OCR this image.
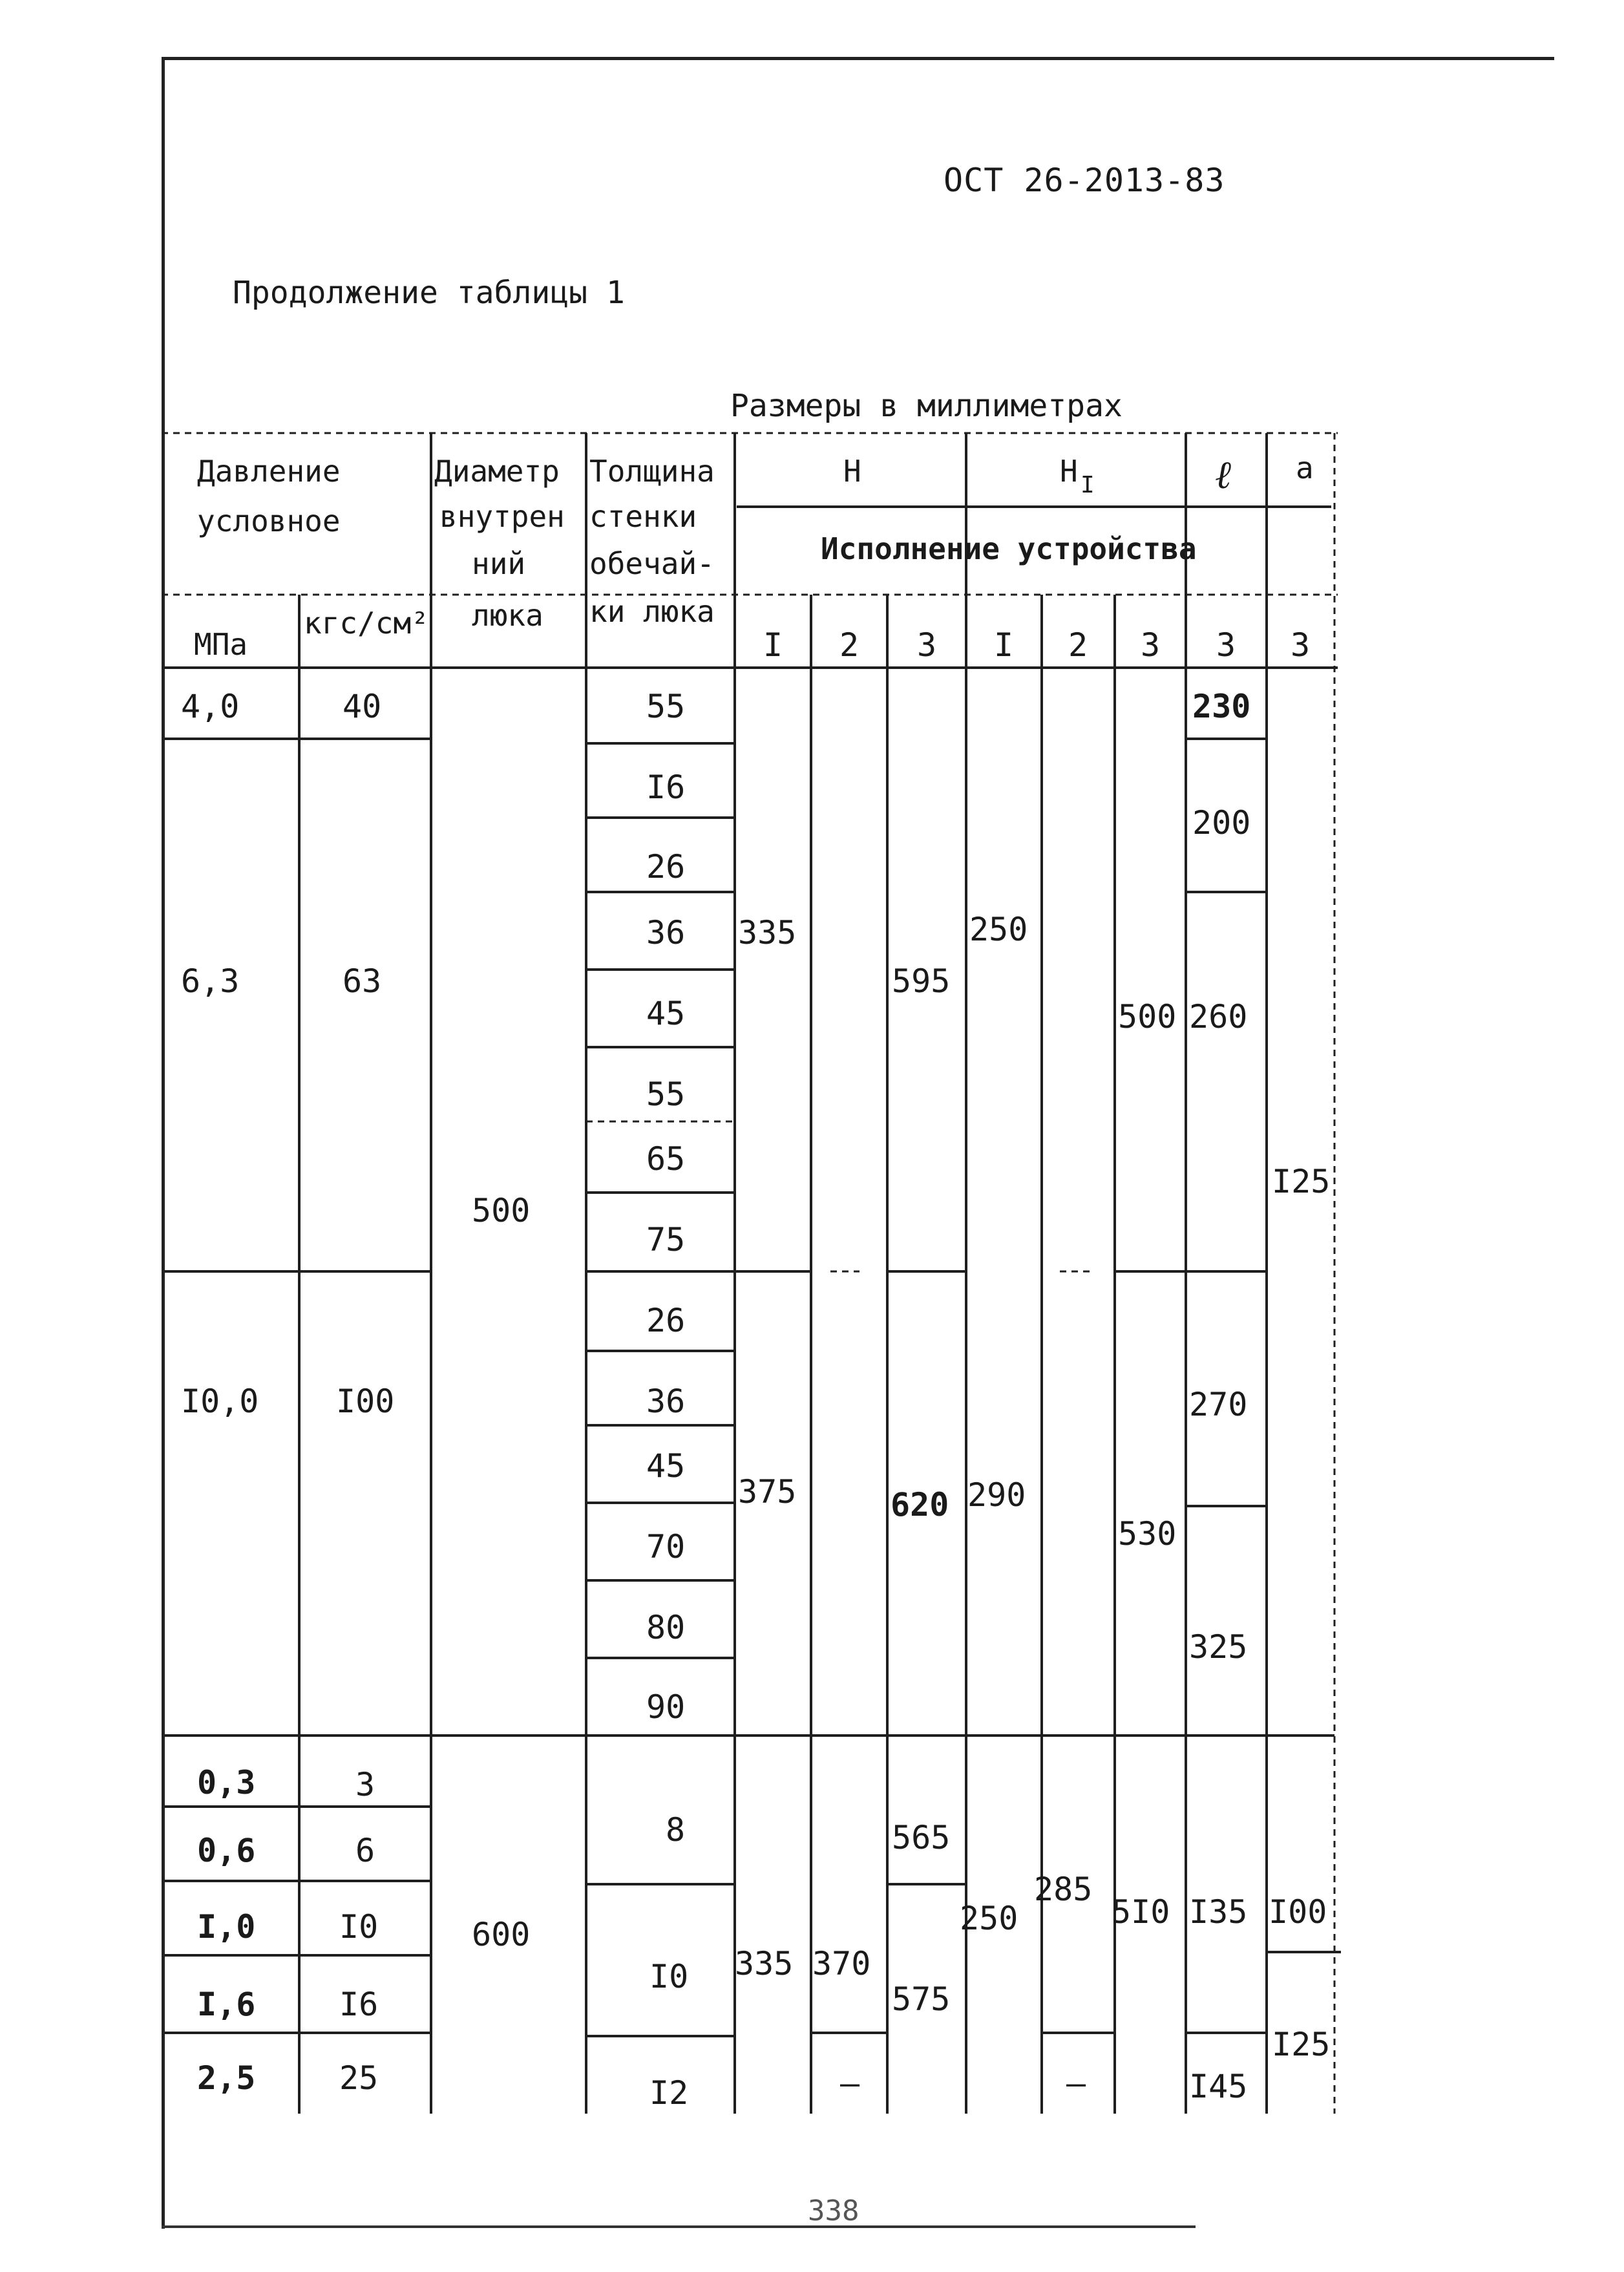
ОСТ 26-2013-83
Продолжение таблицы 1
Размеры в миллиметрах
Давление
условное
МПа
кгс/см²
Диаметр
внутрен
ний
люка
Толщина
стенки
обечай-
ки люка
H	H I	ℓ a
Исполнение устройства
I 2 3 I 2 3 3 3
4,0
6,3
I0,0
0,3
0,6
I,0
I,6
2,5
40
63
I00
3
6
I0
I6
25
500
600
55
I6
26
36
45
55
65
75
26
36
45
70
80
90
8
I0
I2
335
375
335 370
–
595
620
565
575
250
290
250
285
–
500
530
5I0
230
200
260
270
325
I35
I45
I25
I00
I25
338
